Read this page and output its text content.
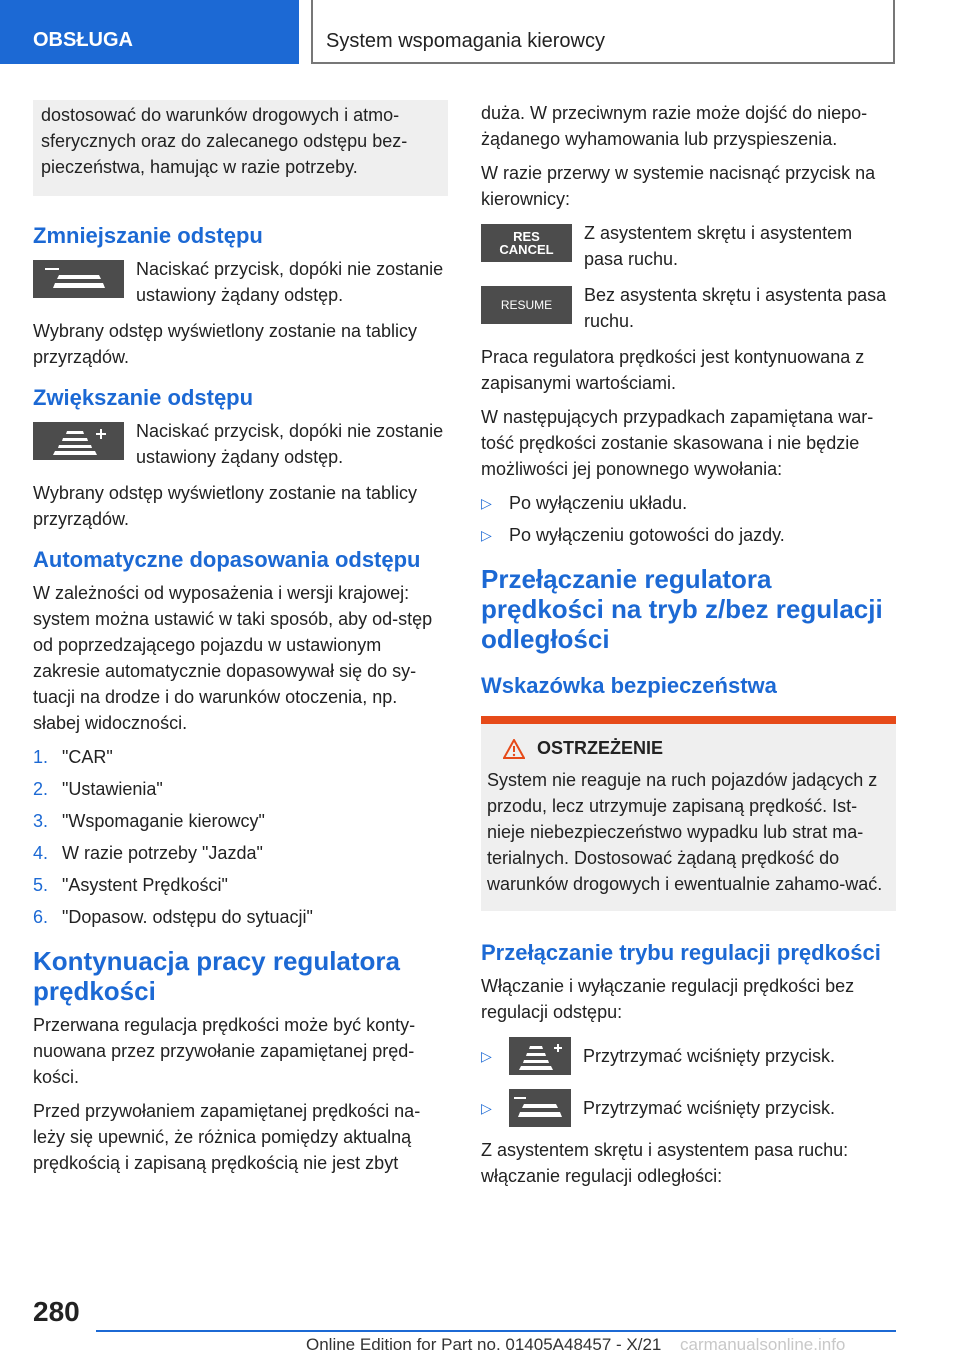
OBSŁUGA	System wspomagania kierowcy

dostosować do warunków drogowych i atmo-sferycznych oraz do zalecanego odstępu bez-pieczeństwa, hamując w razie potrzeby.

Zmniejszanie odstępu

Naciskać przycisk, dopóki nie zostanie ustawiony żądany odstęp.

Wybrany odstęp wyświetlony zostanie na tablicy przyrządów.

Zwiększanie odstępu

Naciskać przycisk, dopóki nie zostanie ustawiony żądany odstęp.

Wybrany odstęp wyświetlony zostanie na tablicy przyrządów.

Automatyczne dopasowania odstępu

W zależności od wyposażenia i wersji krajowej: system można ustawić w taki sposób, aby od-stęp od poprzedzającego pojazdu w ustawionym zakresie automatycznie dopasowywał się do sy-tuacji na drodze i do warunków otoczenia, np. słabej widoczności.

1. "CAR"
2. "Ustawienia"
3. "Wspomaganie kierowcy"
4. W razie potrzeby "Jazda"
5. "Asystent Prędkości"
6. "Dopasow. odstępu do sytuacji"
Kontynuacja pracy regulatora prędkości

Przerwana regulacja prędkości może być konty-nuowana przez przywołanie zapamiętanej pręd-kości.

Przed przywołaniem zapamiętanej prędkości na-leży się upewnić, że różnica pomiędzy aktualną prędkością i zapisaną prędkością nie jest zbyt

duża. W przeciwnym razie może dojść do niepo-żądanego wyhamowania lub przyspieszenia.

W razie przerwy w systemie nacisnąć przycisk na kierownicy:

RES
CANCEL

Z asystentem skrętu i asystentem pasa ruchu.

RESUME	Bez asystenta skrętu i asystenta pasa ruchu.

Praca regulatora prędkości jest kontynuowana z zapisanymi wartościami.

W następujących przypadkach zapamiętana war-tość prędkości zostanie skasowana i nie będzie możliwości jej ponownego wywołania:

▷ Po wyłączeniu układu.
▷ Po wyłączeniu gotowości do jazdy.
Przełączanie regulatora prędkości na tryb z/bez regulacji odległości
Wskazówka bezpieczeństwa
OSTRZEŻENIE

System nie reaguje na ruch pojazdów jadących z przodu, lecz utrzymuje zapisaną prędkość. Ist-nieje niebezpieczeństwo wypadku lub strat ma-terialnych. Dostosować żądaną prędkość do warunków drogowych i ewentualnie zahamo-wać.

Przełączanie trybu regulacji prędkości

Włączanie i wyłączanie regulacji prędkości bez regulacji odstępu:

▷	Przytrzymać wciśnięty przycisk.
▷	Przytrzymać wciśnięty przycisk.

Z asystentem skrętu i asystentem pasa ruchu: włączanie regulacji odległości:

280
Online Edition for Part no. 01405A48457 - X/21 carmanualsonline.info
